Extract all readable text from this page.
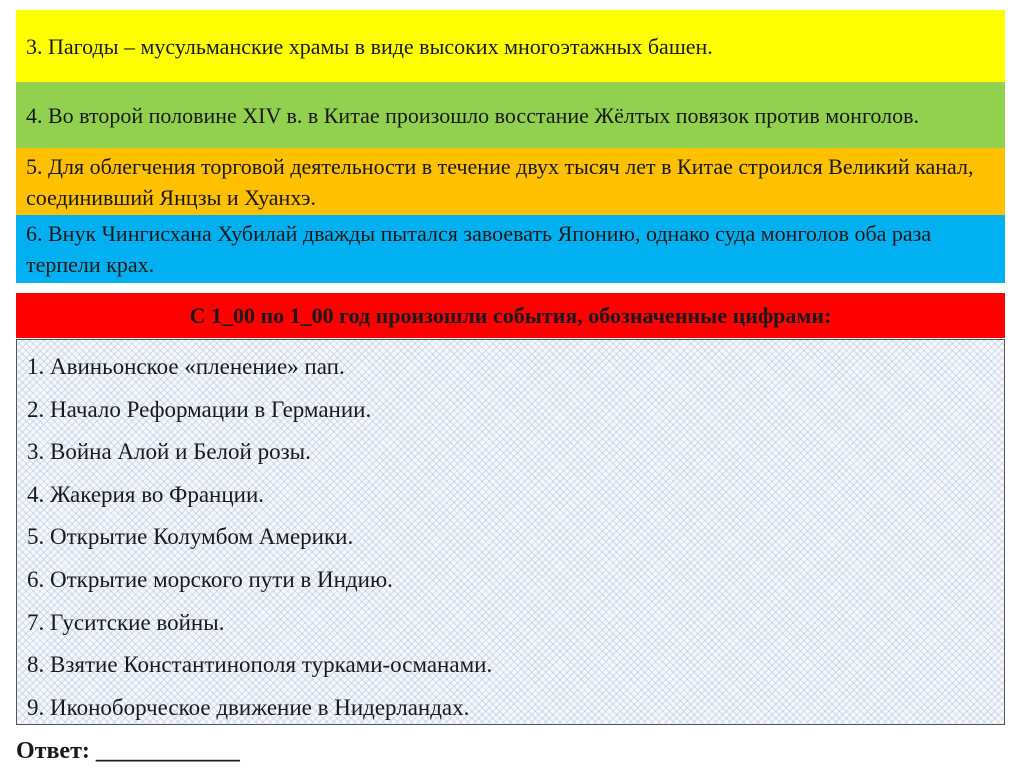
3. Пагоды – мусульманские храмы в виде высоких многоэтажных башен.
4. Во второй половине XIV в. в Китае произошло восстание Жёлтых повязок против монголов.
5. Для облегчения торговой деятельности в течение двух тысяч лет в Китае строился Великий канал, соединивший Янцзы и Хуанхэ.
6. Внук Чингисхана Хубилай дважды пытался завоевать Японию, однако суда монголов оба раза терпели крах.
С 1_00 по 1_00 год произошли события, обозначенные цифрами:
1. Авиньонское «пленение» пап.
2. Начало Реформации в Германии.
3. Война Алой и Белой розы.
4. Жакерия во Франции.
5. Открытие Колумбом Америки.
6. Открытие морского пути в Индию.
7. Гуситские войны.
8. Взятие Константинополя турками-османами.
9. Иконоборческое движение в Нидерландах.
Ответ: ____________
